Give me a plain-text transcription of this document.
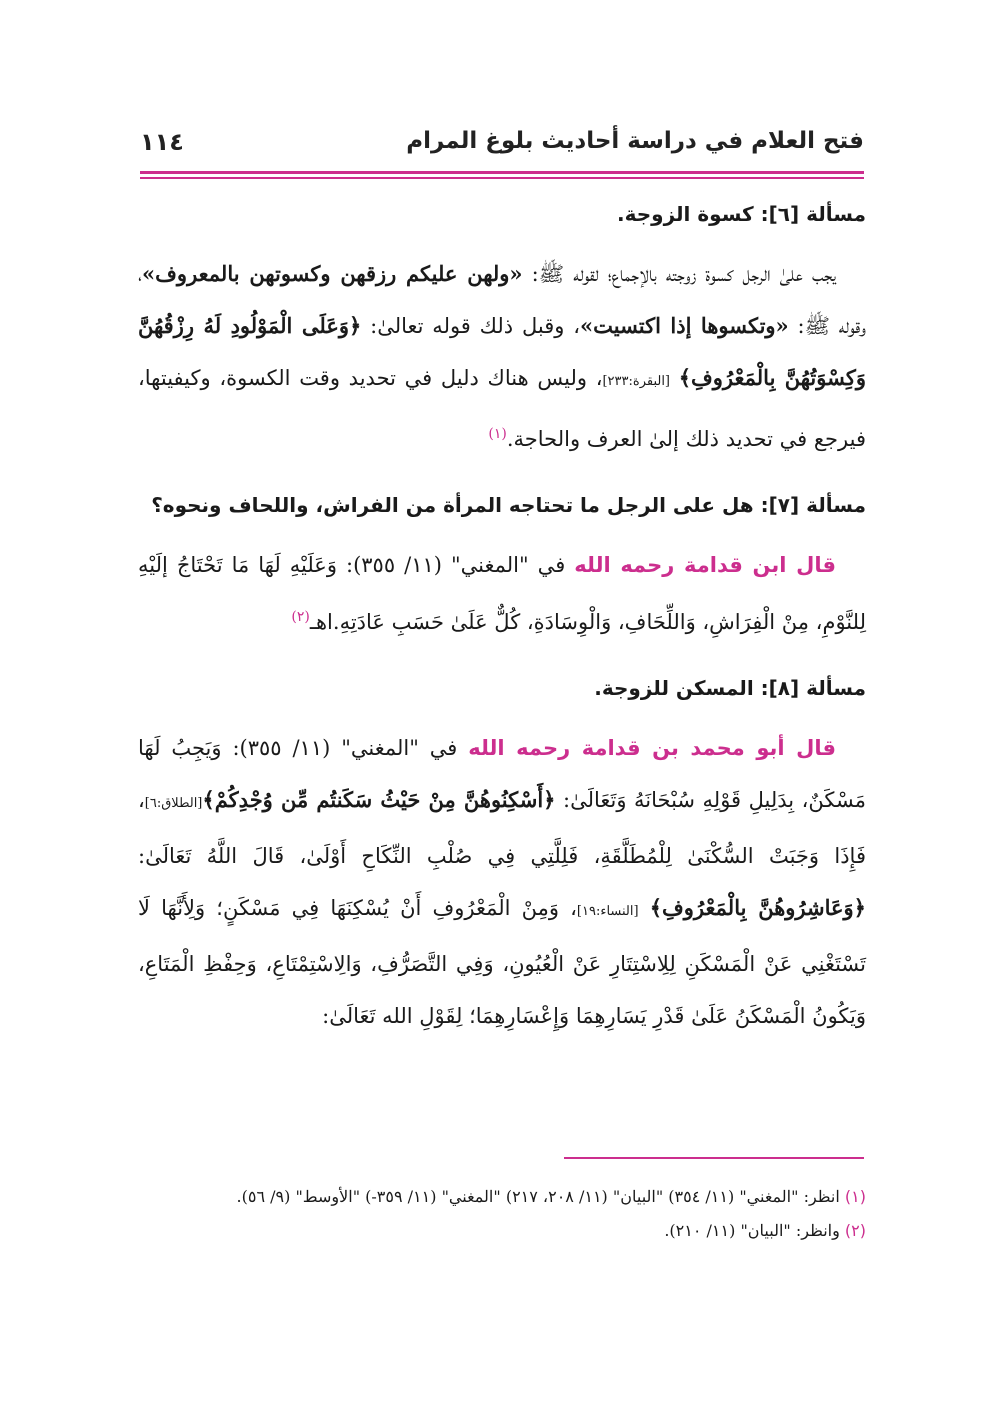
فتح العلام في دراسة أحاديث بلوغ المرام
١١٤
مسألة [٦]: كسوة الزوجة.

يجب علىٰ الرجل كسوة زوجته بالإجماع؛ لقوله ﷺ: «ولهن عليكم رزقهن وكسوتهن بالمعروف»، وقوله ﷺ: «وتكسوها إذا اكتسيت»، وقبل ذلك قوله تعالىٰ: ﴿وَعَلَى الْمَوْلُودِ لَهُ رِزْقُهُنَّ وَكِسْوَتُهُنَّ بِالْمَعْرُوفِ﴾ [البقرة:٢٣٣]، وليس هناك دليل في تحديد وقت الكسوة، وكيفيتها، فيرجع في تحديد ذلك إلىٰ العرف والحاجة.$^{(١)}$

مسألة [٧]: هل على الرجل ما تحتاجه المرأة من الفراش، واللحاف ونحوه؟

قال ابن قدامة رحمه الله في "المغني" (١١/ ٣٥٥): وَعَلَيْهِ لَهَا مَا تَحْتَاجُ إلَيْهِ لِلنَّوْمِ، مِنْ الْفِرَاشِ، وَاللِّحَافِ، وَالْوِسَادَةِ، كُلٌّ عَلَىٰ حَسَبِ عَادَتِهِ.اهـ$^{(٢)}$

مسألة [٨]: المسكن للزوجة.

قال أبو محمد بن قدامة رحمه الله في "المغني" (١١/ ٣٥٥): وَيَجِبُ لَهَا مَسْكَنٌ، بِدَلِيلِ قَوْلِهِ سُبْحَانَهُ وَتَعَالَىٰ: ﴿أَسْكِنُوهُنَّ مِنْ حَيْثُ سَكَنتُم مِّن وُجْدِكُمْ﴾[الطلاق:٦]، فَإِذَا وَجَبَتْ السُّكْنَىٰ لِلْمُطَلَّقَةِ، فَلِلَّتِي فِي صُلْبِ النِّكَاحِ أَوْلَىٰ، قَالَ اللَّهُ تَعَالَىٰ: ﴿وَعَاشِرُوهُنَّ بِالْمَعْرُوفِ﴾ [النساء:١٩]، وَمِنْ الْمَعْرُوفِ أَنْ يُسْكِنَهَا فِي مَسْكَنٍ؛ وَلِأَنَّهَا لَا تَسْتَغْنِي عَنْ الْمَسْكَنِ لِلِاسْتِتَارِ عَنْ الْعُيُونِ، وَفِي التَّصَرُّفِ، وَالِاسْتِمْتَاعِ، وَحِفْظِ الْمَتَاعِ، وَيَكُونُ الْمَسْكَنُ عَلَىٰ قَدْرِ يَسَارِهِمَا وَإِعْسَارِهِمَا؛ لِقَوْلِ الله تَعَالَىٰ:

(١) انظر: "المغني" (١١/ ٣٥٤) "البيان" (١١/ ٢٠٨، ٢١٧) "المغني" (١١/ ٣٥٩-) "الأوسط" (٩/ ٥٦).

(٢) وانظر: "البيان" (١١/ ٢١٠).
